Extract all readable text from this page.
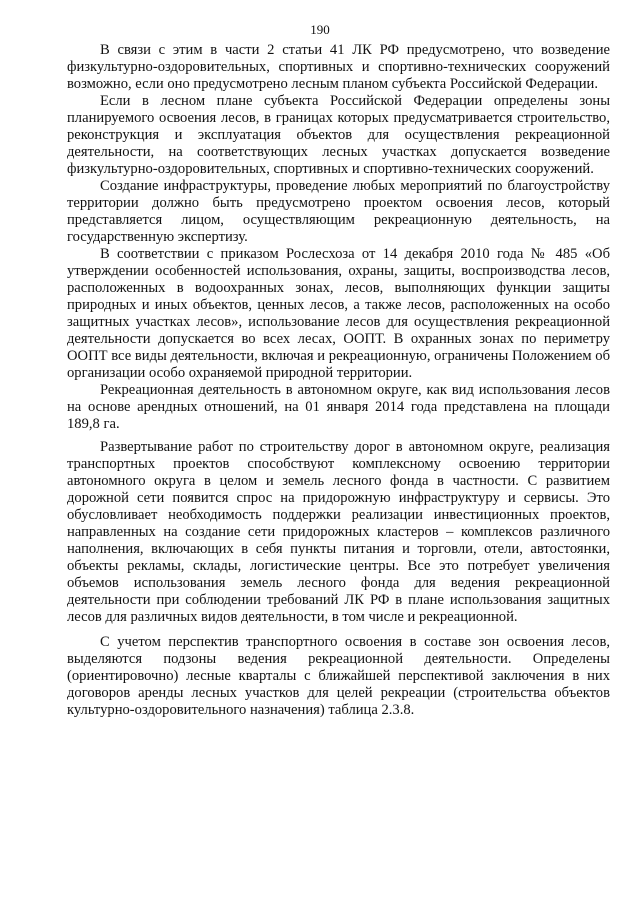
190

В связи с этим в части 2 статьи 41 ЛК РФ предусмотрено, что возведение физкультурно-оздоровительных, спортивных и спортивно-технических сооружений возможно, если оно предусмотрено лесным планом субъекта Российской Федерации.

Если в лесном плане субъекта Российской Федерации определены зоны планируемого освоения лесов, в границах которых предусматривается строительство, реконструкция и эксплуатация объектов для осуществления рекреационной деятельности, на соответствующих лесных участках допускается возведение физкультурно-оздоровительных, спортивных и спортивно-технических сооружений.

Создание инфраструктуры, проведение любых мероприятий по благоустройству территории должно быть предусмотрено проектом освоения лесов, который представляется лицом, осуществляющим рекреационную деятельность, на государственную экспертизу.

В соответствии с приказом Рослесхоза от 14 декабря 2010 года № 485 «Об утверждении особенностей использования, охраны, защиты, воспроизводства лесов, расположенных в водоохранных зонах, лесов, выполняющих функции защиты природных и иных объектов, ценных лесов, а также лесов, расположенных на особо защитных участках лесов», использование лесов для осуществления рекреационной деятельности допускается во всех лесах, ООПТ. В охранных зонах по периметру ООПТ все виды деятельности, включая и рекреационную, ограничены Положением об организации особо охраняемой природной территории.

Рекреационная деятельность в автономном округе, как вид использования лесов на основе арендных отношений, на 01 января 2014 года представлена на площади 189,8 га.

Развертывание работ по строительству дорог в автономном округе, реализация транспортных проектов способствуют комплексному освоению территории автономного округа в целом и земель лесного фонда в частности. С развитием дорожной сети появится спрос на придорожную инфраструктуру и сервисы. Это обусловливает необходимость поддержки реализации инвестиционных проектов, направленных на создание сети придорожных кластеров – комплексов различного наполнения, включающих в себя пункты питания и торговли, отели, автостоянки, объекты рекламы, склады, логистические центры. Все это потребует увеличения объемов использования земель лесного фонда для ведения рекреационной деятельности при соблюдении требований ЛК РФ в плане использования защитных лесов для различных видов деятельности, в том числе и рекреационной.

С учетом перспектив транспортного освоения в составе зон освоения лесов, выделяются подзоны ведения рекреационной деятельности. Определены (ориентировочно) лесные кварталы с ближайшей перспективой заключения в них договоров аренды лесных участков для целей рекреации (строительства объектов культурно-оздоровительного назначения) таблица 2.3.8.
